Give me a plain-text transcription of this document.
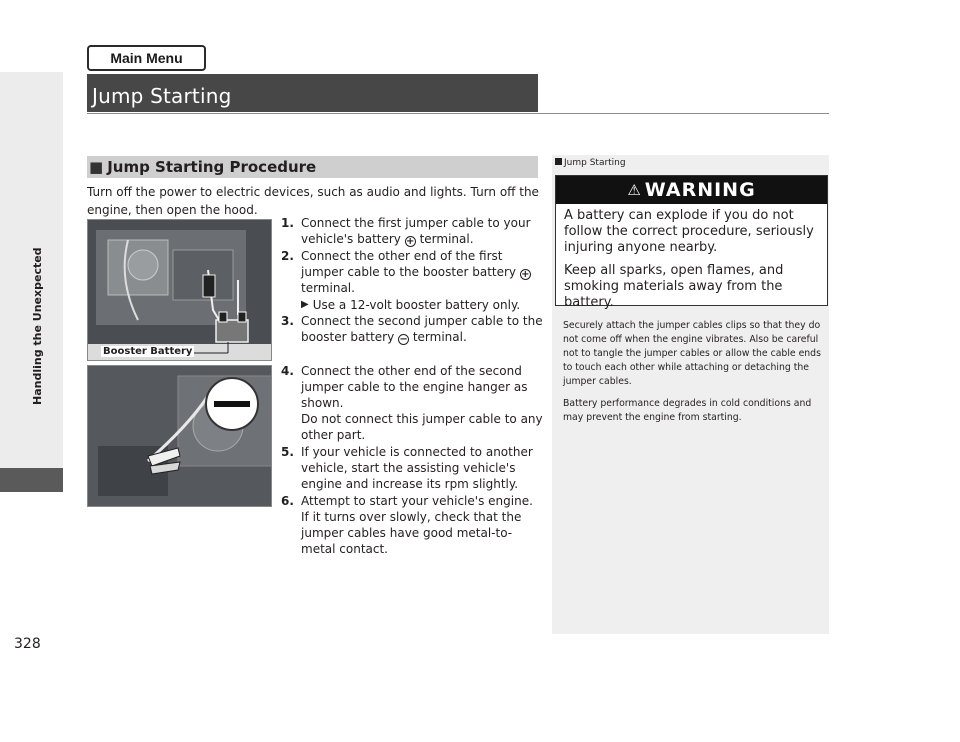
Handling the Unexpected
Main Menu
Jump Starting
■ Jump Starting Procedure
Turn off the power to electric devices, such as audio and lights. Turn off the engine, then open the hood.
Booster Battery
1. Connect the first jumper cable to your vehicle's battery + terminal.
2. Connect the other end of the first jumper cable to the booster battery + terminal.
▶ Use a 12-volt booster battery only.
3. Connect the second jumper cable to the booster battery − terminal.
4. Connect the other end of the second jumper cable to the engine hanger as shown.
Do not connect this jumper cable to any other part.
5. If your vehicle is connected to another vehicle, start the assisting vehicle's engine and increase its rpm slightly.
6. Attempt to start your vehicle's engine. If it turns over slowly, check that the jumper cables have good metal-to-metal contact.
Jump Starting
⚠ WARNING

A battery can explode if you do not follow the correct procedure, seriously injuring anyone nearby.

Keep all sparks, open flames, and smoking materials away from the battery.

Securely attach the jumper cables clips so that they do not come off when the engine vibrates. Also be careful not to tangle the jumper cables or allow the cable ends to touch each other while attaching or detaching the jumper cables.

Battery performance degrades in cold conditions and may prevent the engine from starting.

328
